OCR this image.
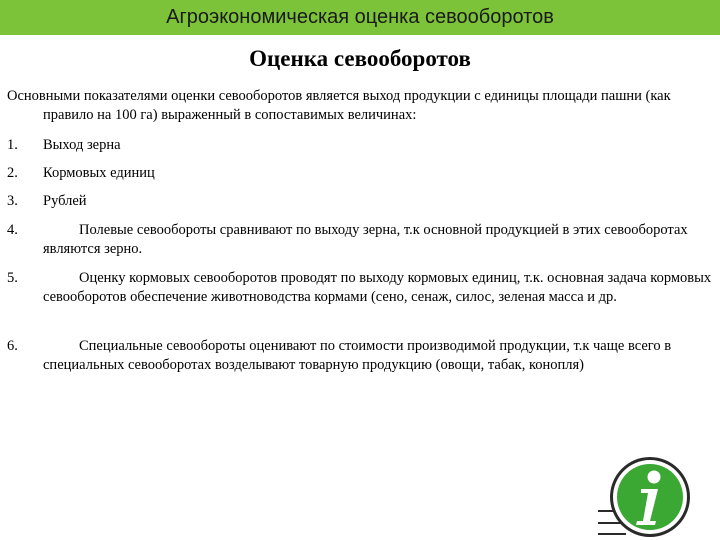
Агроэкономическая оценка севооборотов
Оценка севооборотов
Основными показателями оценки севооборотов является выход продукции с единицы площади пашни (как правило на 100 га) выраженный в сопоставимых величинах:
1. Выход зерна
2. Кормовых единиц
3. Рублей
4.	Полевые севообороты сравнивают по выходу зерна, т.к основной продукцией в этих севооборотах являются зерно.
5.	Оценку кормовых севооборотов проводят по выходу кормовых единиц, т.к. основная задача кормовых севооборотов обеспечение животноводства кормами (сено, сенаж, силос, зеленая масса и др.
6.	Специальные севообороты оценивают по стоимости производимой продукции, т.к чаще всего в специальных севооборотах возделывают товарную продукцию (овощи, табак, конопля)
